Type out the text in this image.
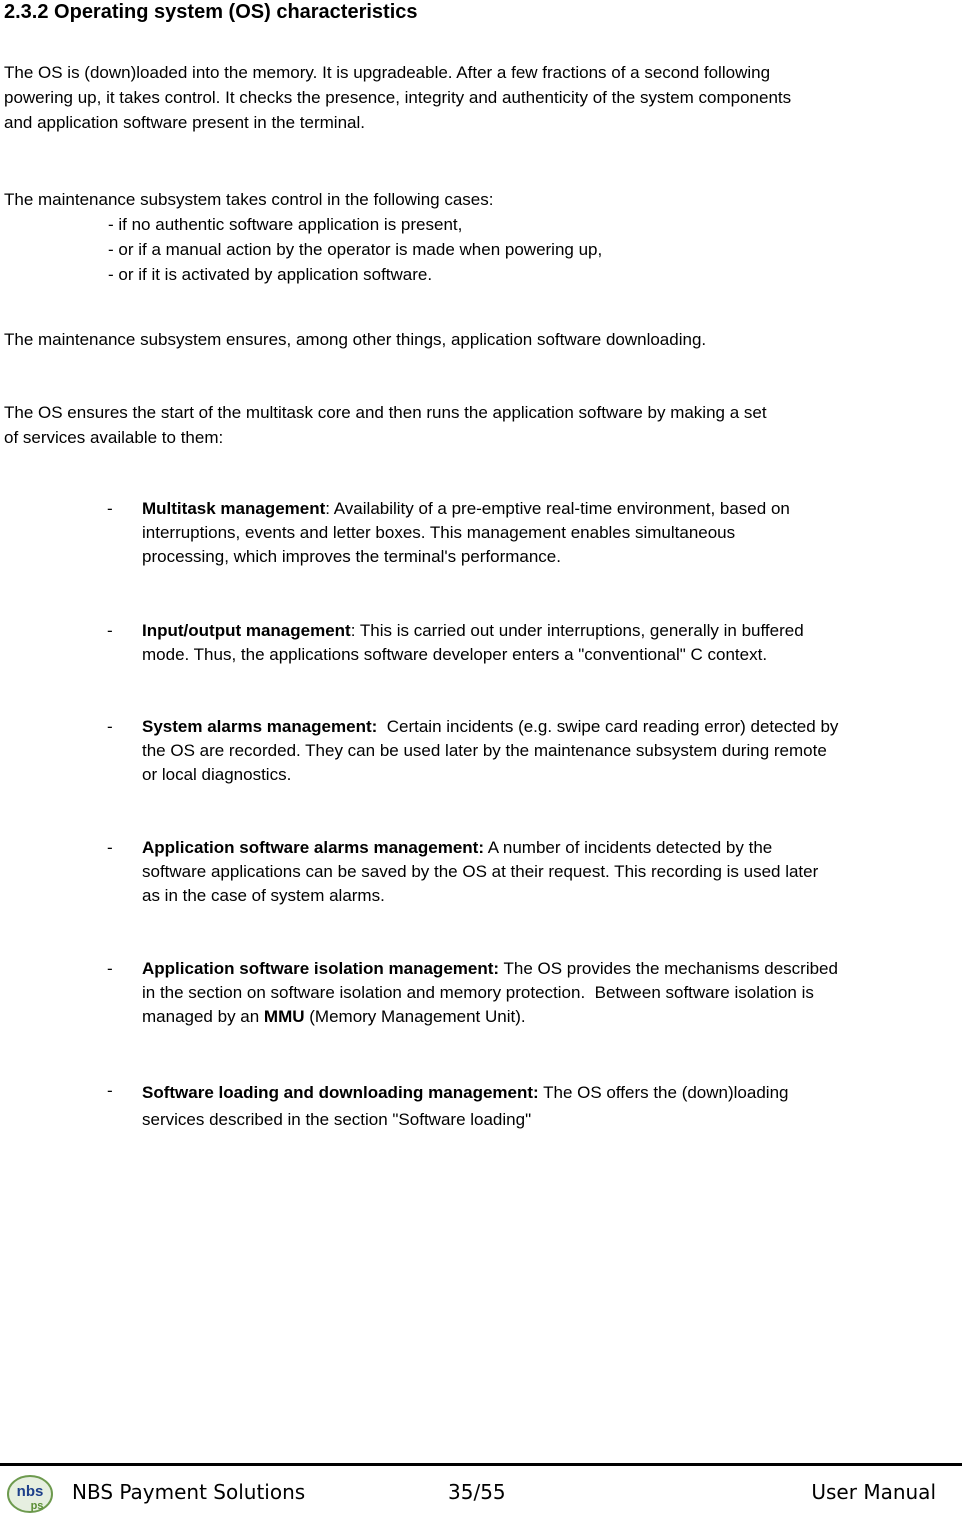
2.3.2 Operating system (OS) characteristics

The OS is (down)loaded into the memory. It is upgradeable. After a few fractions of a second following
powering up, it takes control. It checks the presence, integrity and authenticity of the system components
and application software present in the terminal.

The maintenance subsystem takes control in the following cases:

- if no authentic software application is present,
- or if a manual action by the operator is made when powering up,
- or if it is activated by application software.

The maintenance subsystem ensures, among other things, application software downloading.

The OS ensures the start of the multitask core and then runs the application software by making a set
of services available to them:

- Multitask management: Availability of a pre-emptive real-time environment, based on
interruptions, events and letter boxes. This management enables simultaneous
processing, which improves the terminal's performance.
- Input/output management: This is carried out under interruptions, generally in buffered
mode. Thus, the applications software developer enters a "conventional" C context.
- System alarms management:  Certain incidents (e.g. swipe card reading error) detected by
the OS are recorded. They can be used later by the maintenance subsystem during remote
or local diagnostics.
- Application software alarms management: A number of incidents detected by the
software applications can be saved by the OS at their request. This recording is used later
as in the case of system alarms.
- Application software isolation management: The OS provides the mechanisms described
in the section on software isolation and memory protection.  Between software isolation is
managed by an MMU (Memory Management Unit).
- Software loading and downloading management: The OS offers the (down)loading
services described in the section "Software loading"
nbs
ps
NBS Payment Solutions	35/55	User Manual
